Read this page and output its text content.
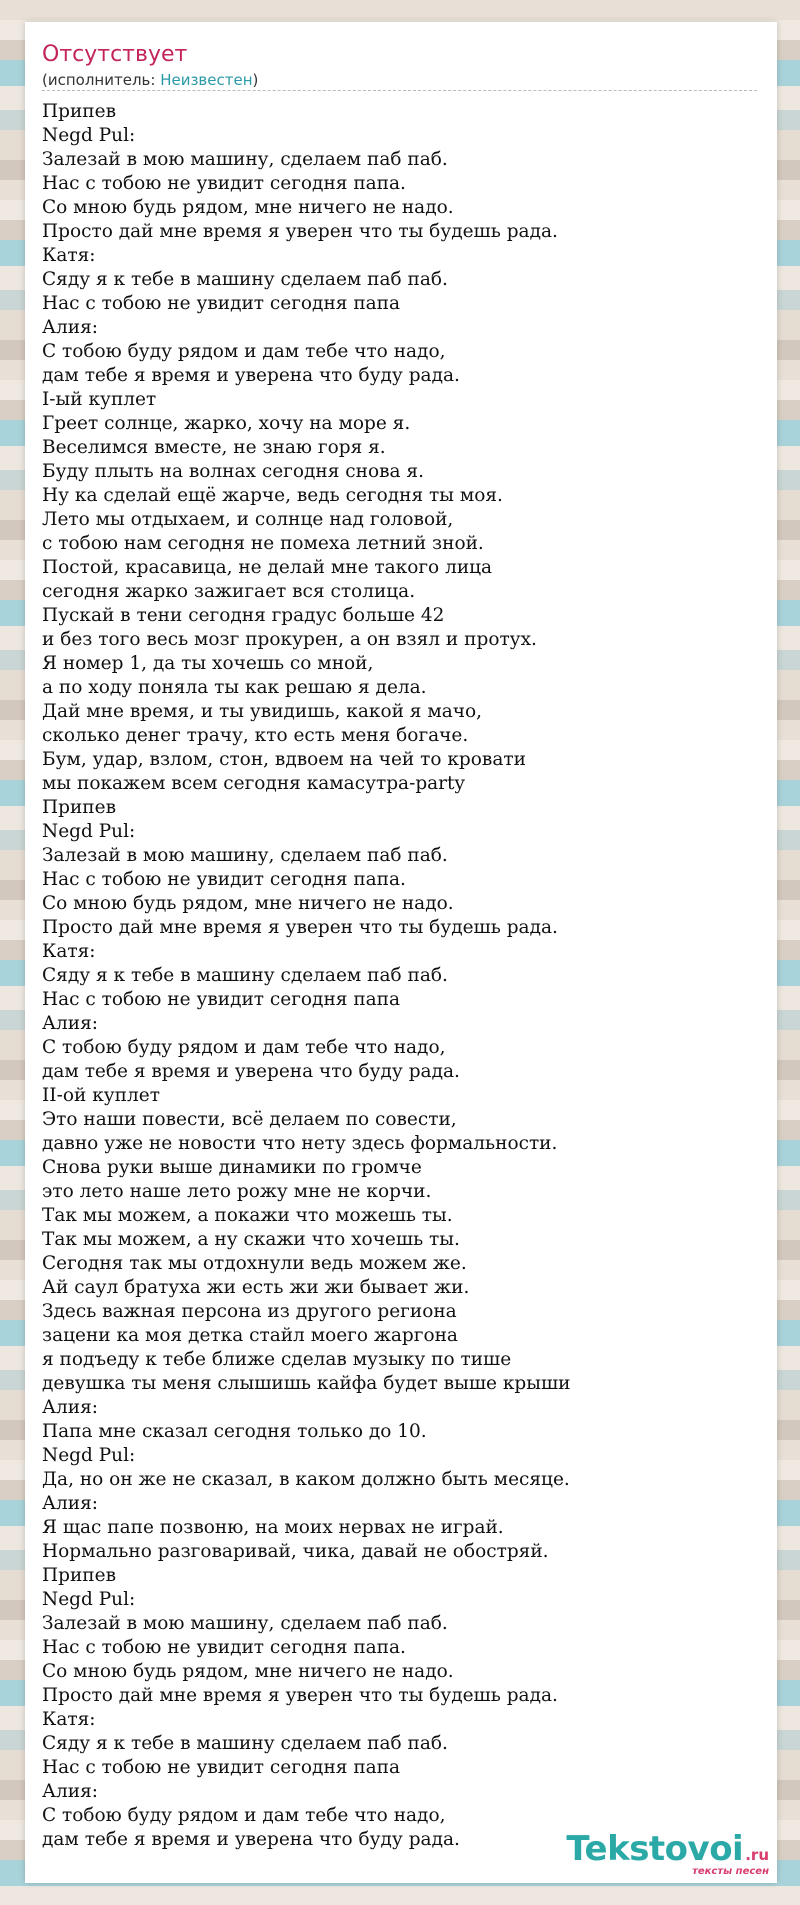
Отсутствует
(исполнитель: Неизвестен)
Припев
Negd Pul:
Залезай в мою машину, сделаем паб паб.
Нас с тобою не увидит сегодня папа.
Со мною будь рядом, мне ничего не надо.
Просто дай мне время я уверен что ты будешь рада.
Катя:
Сяду я к тебе в машину сделаем паб паб.
Нас с тобою не увидит сегодня папа
Алия:
С тобою буду рядом и дам тебе что надо,
дам тебе я время и уверена что буду рада.
I-ый куплет
Греет солнце, жарко, хочу на море я.
Веселимся вместе, не знаю горя я.
Буду плыть на волнах сегодня снова я.
Ну ка сделай ещё жарче, ведь сегодня ты моя.
Лето мы отдыхаем, и солнце над головой,
с тобою нам сегодня не помеха летний зной.
Постой, красавица, не делай мне такого лица
сегодня жарко зажигает вся столица.
Пускай в тени сегодня градус больше 42
и без того весь мозг прокурен, а он взял и протух.
Я номер 1, да ты хочешь со мной,
а по ходу поняла ты как решаю я дела.
Дай мне время, и ты увидишь, какой я мачо,
сколько денег трачу, кто есть меня богаче.
Бум, удар, взлом, стон, вдвоем на чей то кровати
мы покажем всем сегодня камасутра-party
Припев
Negd Pul:
Залезай в мою машину, сделаем паб паб.
Нас с тобою не увидит сегодня папа.
Со мною будь рядом, мне ничего не надо.
Просто дай мне время я уверен что ты будешь рада.
Катя:
Сяду я к тебе в машину сделаем паб паб.
Нас с тобою не увидит сегодня папа
Алия:
С тобою буду рядом и дам тебе что надо,
дам тебе я время и уверена что буду рада.
II-ой куплет
Это наши повести, всё делаем по совести,
давно уже не новости что нету здесь формальности.
Снова руки выше динамики по громче
это лето наше лето рожу мне не корчи.
Так мы можем, а покажи что можешь ты.
Так мы можем, а ну скажи что хочешь ты.
Сегодня так мы отдохнули ведь можем же.
Ай саул братуха жи есть жи жи бывает жи.
Здесь важная персона из другого региона
зацени ка моя детка стайл моего жаргона
я подъеду к тебе ближе сделав музыку по тише
девушка ты меня слышишь кайфа будет выше крыши
Алия:
Папа мне сказал сегодня только до 10.
Negd Pul:
Да, но он же не сказал, в каком должно быть месяце.
Алия:
Я щас папе позвоню, на моих нервах не играй.
Нормально разговаривай, чика, давай не обостряй.
Припев
Negd Pul:
Залезай в мою машину, сделаем паб паб.
Нас с тобою не увидит сегодня папа.
Со мною будь рядом, мне ничего не надо.
Просто дай мне время я уверен что ты будешь рада.
Катя:
Сяду я к тебе в машину сделаем паб паб.
Нас с тобою не увидит сегодня папа
Алия:
С тобою буду рядом и дам тебе что надо,
дам тебе я время и уверена что буду рада.	Tekstovoi .ru
тексты песен
